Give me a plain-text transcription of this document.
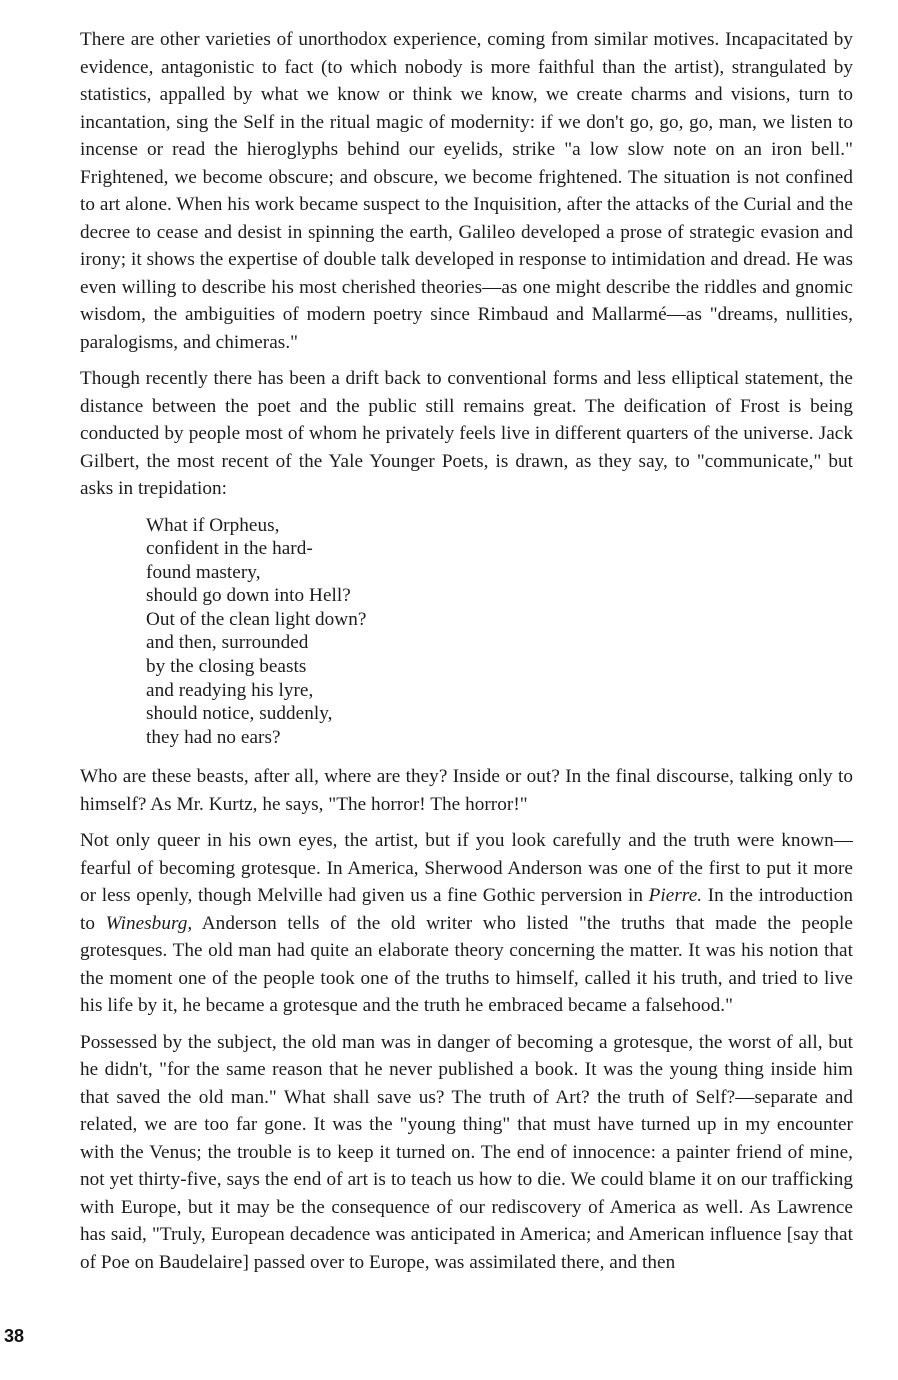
There are other varieties of unorthodox experience, coming from similar motives. Incapacitated by evidence, antagonistic to fact (to which nobody is more faithful than the artist), strangulated by statistics, appalled by what we know or think we know, we create charms and visions, turn to incantation, sing the Self in the ritual magic of modernity: if we don't go, go, go, man, we listen to incense or read the hieroglyphs behind our eyelids, strike "a low slow note on an iron bell." Frightened, we become obscure; and obscure, we become frightened. The situation is not confined to art alone. When his work became suspect to the Inquisition, after the attacks of the Curial and the decree to cease and desist in spinning the earth, Galileo developed a prose of strategic evasion and irony; it shows the expertise of double talk developed in response to intimidation and dread. He was even willing to describe his most cherished theories—as one might describe the riddles and gnomic wisdom, the ambiguities of modern poetry since Rimbaud and Mallarmé—as "dreams, nullities, paralogisms, and chimeras."

Though recently there has been a drift back to conventional forms and less elliptical statement, the distance between the poet and the public still remains great. The deification of Frost is being conducted by people most of whom he privately feels live in different quarters of the universe. Jack Gilbert, the most recent of the Yale Younger Poets, is drawn, as they say, to "communicate," but asks in trepidation:

What if Orpheus,
confident in the hard-
found mastery,
should go down into Hell?
Out of the clean light down?
and then, surrounded
by the closing beasts
and readying his lyre,
should notice, suddenly,
they had no ears?

Who are these beasts, after all, where are they? Inside or out? In the final discourse, talking only to himself? As Mr. Kurtz, he says, "The horror! The horror!"

Not only queer in his own eyes, the artist, but if you look carefully and the truth were known—fearful of becoming grotesque. In America, Sherwood Anderson was one of the first to put it more or less openly, though Melville had given us a fine Gothic perversion in Pierre. In the introduction to Winesburg, Anderson tells of the old writer who listed "the truths that made the people grotesques. The old man had quite an elaborate theory concerning the matter. It was his notion that the moment one of the people took one of the truths to himself, called it his truth, and tried to live his life by it, he became a grotesque and the truth he embraced became a falsehood."

Possessed by the subject, the old man was in danger of becoming a grotesque, the worst of all, but he didn't, "for the same reason that he never published a book. It was the young thing inside him that saved the old man." What shall save us? The truth of Art? the truth of Self?—separate and related, we are too far gone. It was the "young thing" that must have turned up in my encounter with the Venus; the trouble is to keep it turned on. The end of innocence: a painter friend of mine, not yet thirty-five, says the end of art is to teach us how to die. We could blame it on our trafficking with Europe, but it may be the consequence of our rediscovery of America as well. As Lawrence has said, "Truly, European decadence was anticipated in America; and American influence [say that of Poe on Baudelaire] passed over to Europe, was assimilated there, and then

38
